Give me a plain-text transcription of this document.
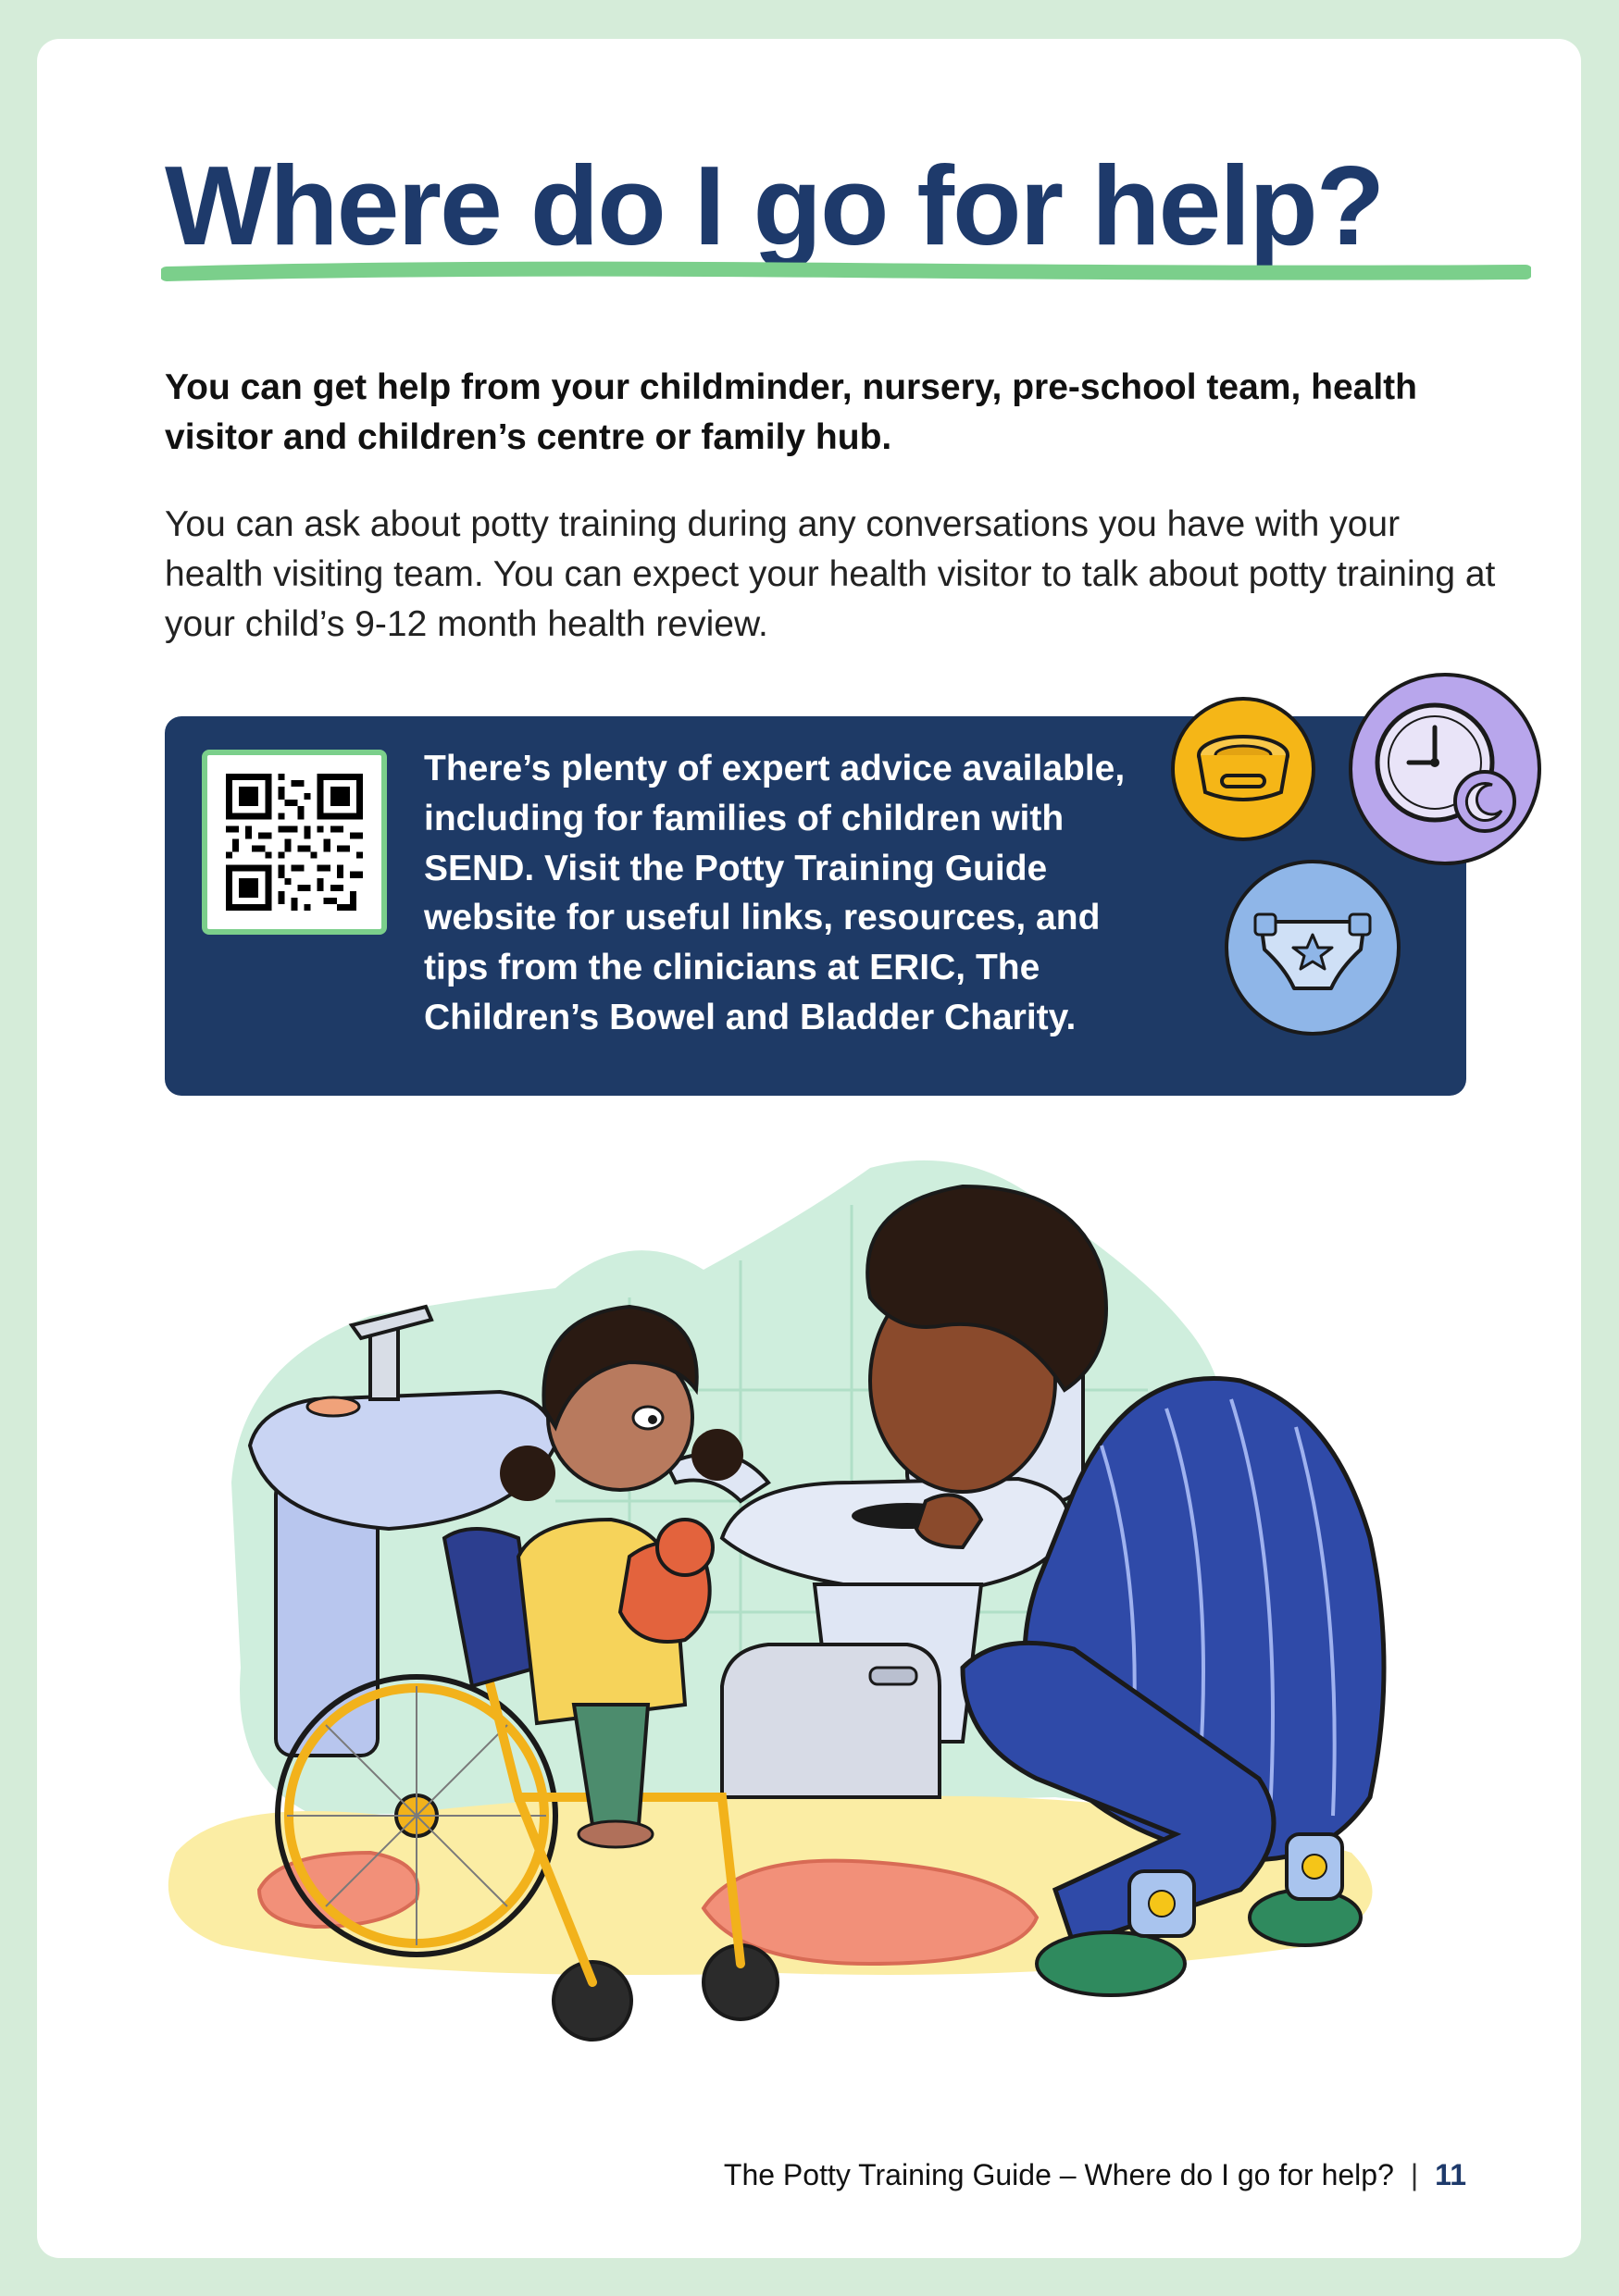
Where do I go for help?

You can get help from your childminder, nursery, pre-school team, health visitor and children’s centre or family hub.

You can ask about potty training during any conversations you have with your health visiting team. You can expect your health visitor to talk about potty training at your child’s 9-12 month health review.

There’s plenty of expert advice available, including for families of children with SEND. Visit the Potty Training Guide website for useful links, resources, and tips from the clinicians at ERIC, The Children’s Bowel and Bladder Charity.

The Potty Training Guide – Where do I go for help? | 11
